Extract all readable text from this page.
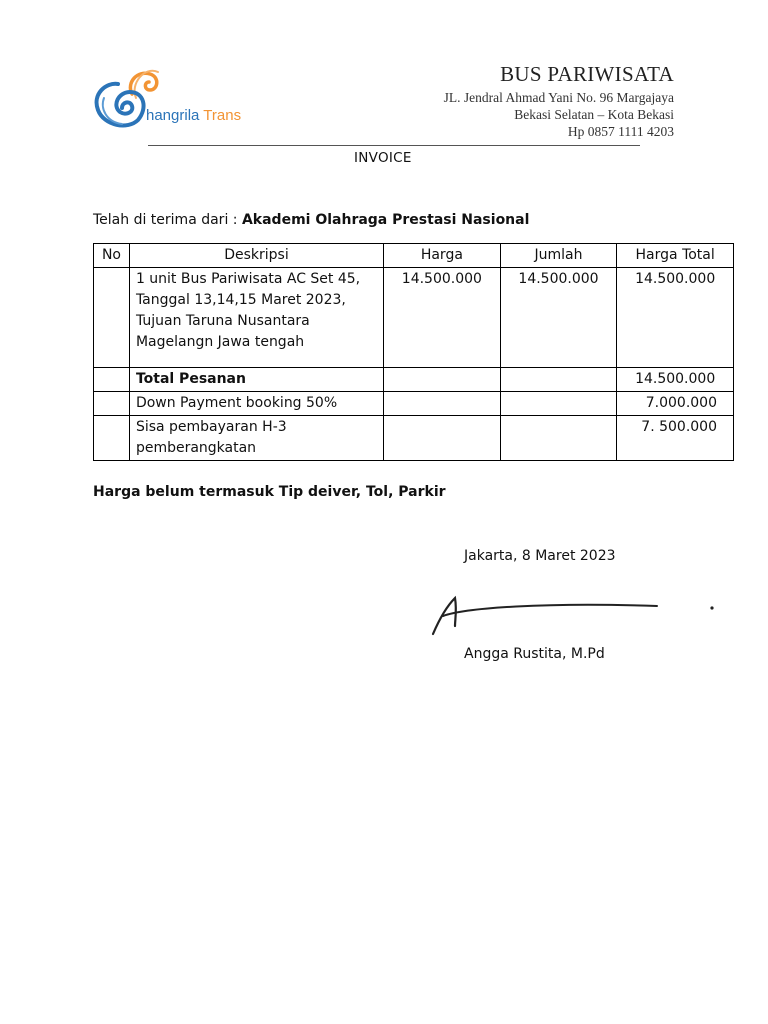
hangrila Trans
BUS PARIWISATA
JL. Jendral Ahmad Yani No. 96 Margajaya
Bekasi Selatan – Kota Bekasi
Hp 0857 1111 4203
INVOICE
Telah di terima dari : Akademi Olahraga Prestasi Nasional
No	Deskripsi	Harga	Jumlah	Harga Total

	1 unit Bus Pariwisata AC Set 45,
Tanggal 13,14,15 Maret 2023,
Tujuan Taruna Nusantara
Magelangn Jawa tengah	14.500.000	14.500.000	14.500.000
	Total Pesanan			14.500.000
	Down Payment booking 50%			7.000.000
	Sisa pembayaran H-3 pemberangkatan			7. 500.000
Harga belum termasuk Tip deiver, Tol, Parkir
Jakarta, 8 Maret 2023
Angga Rustita, M.Pd
